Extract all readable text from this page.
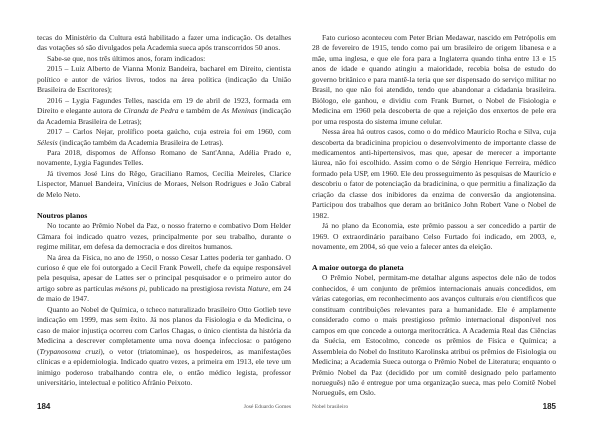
tecas do Ministério da Cultura está habilitado a fazer uma indicação. Os detalhes das votações só são divulgados pela Academia sueca após transcorridos 50 anos.

Sabe-se que, nos três últimos anos, foram indicados:

2015 – Luiz Alberto de Vianna Moniz Bandeira, bacharel em Direito, cientista político e autor de vários livros, todos na área política (indicação da União Brasileira de Escritores);

2016 – Lygia Fagundes Telles, nascida em 19 de abril de 1923, formada em Direito e elegante autora de Ciranda de Pedra e também de As Meninas (indicação da Academia Brasileira de Letras);

2017 – Carlos Nejar, prolífico poeta gaúcho, cuja estreia foi em 1960, com Sélesis (indicação também da Academia Brasileira de Letras).

Para 2018, dispomos de Affonso Romano de Sant'Anna, Adélia Prado e, novamente, Lygia Fagundes Telles.

Já tivemos José Lins do Rêgo, Graciliano Ramos, Cecília Meireles, Clarice Lispector, Manuel Bandeira, Vinícius de Moraes, Nelson Rodrigues e João Cabral de Melo Neto.

Noutros planos

No tocante ao Prêmio Nobel da Paz, o nosso fraterno e combativo Dom Helder Câmara foi indicado quatro vezes, principalmente por seu trabalho, durante o regime militar, em defesa da democracia e dos direitos humanos.

Na área da Física, no ano de 1950, o nosso Cesar Lattes poderia ter ganhado. O curioso é que ele foi outorgado a Cecil Frank Powell, chefe da equipe responsável pela pesquisa, apesar de Lattes ser o principal pesquisador e o primeiro autor do artigo sobre as partículas mésons pi, publicado na prestigiosa revista Nature, em 24 de maio de 1947.

Quanto ao Nobel de Química, o tcheco naturalizado brasileiro Otto Gotlieb teve indicação em 1999, mas sem êxito. Já nos planos da Fisiologia e da Medicina, o caso de maior injustiça ocorreu com Carlos Chagas, o único cientista da história da Medicina a descrever completamente uma nova doença infecciosa: o patógeno (Trypanosoma cruzi), o vetor (triatominae), os hospedeiros, as manifestações clínicas e a epidemiologia. Indicado quatro vezes, a primeira em 1913, ele teve um inimigo poderoso trabalhando contra ele, o então médico legista, professor universitário, intelectual e político Afrânio Peixoto.

Fato curioso aconteceu com Peter Brian Medawar, nascido em Petrópolis em 28 de fevereiro de 1915, tendo como pai um brasileiro de origem libanesa e a mãe, uma inglesa, e que ele fora para a Inglaterra quando tinha entre 13 e 15 anos de idade e quando atingiu a maioridade, recebia bolsa de estudo do governo britânico e para mantê-la teria que ser dispensado do serviço militar no Brasil, no que não foi atendido, tendo que abandonar a cidadania brasileira. Biólogo, ele ganhou, e dividiu com Frank Burnet, o Nobel de Fisiologia e Medicina em 1960 pela descoberta de que a rejeição dos enxertos de pele era por uma resposta do sistema imune celular.

Nessa área há outros casos, como o do médico Maurício Rocha e Silva, cuja descoberta da bradicinina propiciou o desenvolvimento de importante classe de medicamentos anti-hipertensivos, mas que, apesar de merecer a importante láurea, não foi escolhido. Assim como o de Sérgio Henrique Ferreira, médico formado pela USP, em 1960. Ele deu prosseguimento às pesquisas de Maurício e descobriu o fator de potenciação da bradicinina, o que permitiu a finalização da criação da classe dos inibidores da enzima de conversão da angiotensina. Participou dos trabalhos que deram ao britânico John Robert Vane o Nobel de 1982.

Já no plano da Economia, este prêmio passou a ser concedido a partir de 1969. O extraordinário paraibano Celso Furtado foi indicado, em 2003, e, novamente, em 2004, só que veio a falecer antes da eleição.

A maior outorga do planeta

O Prêmio Nobel, permitam-me detalhar alguns aspectos dele não de todos conhecidos, é um conjunto de prêmios internacionais anuais concedidos, em várias categorias, em reconhecimento aos avanços culturais e/ou científicos que constituam contribuições relevantes para a humanidade. Ele é amplamente considerado como o mais prestigioso prêmio internacional disponível nos campos em que concede a outorga meritocrática. A Academia Real das Ciências da Suécia, em Estocolmo, concede os prêmios de Física e Química; a Assembleia do Nobel do Instituto Karolinska atribui os prêmios de Fisiologia ou Medicina; a Academia Sueca outorga o Prêmio Nobel de Literatura; enquanto o Prêmio Nobel da Paz (decidido por um comitê designado pelo parlamento norueguês) não é entregue por uma organização sueca, mas pelo Comitê Nobel Norueguês, em Oslo.

184	José Eduardo Gomes	Nobel brasileiro	185
